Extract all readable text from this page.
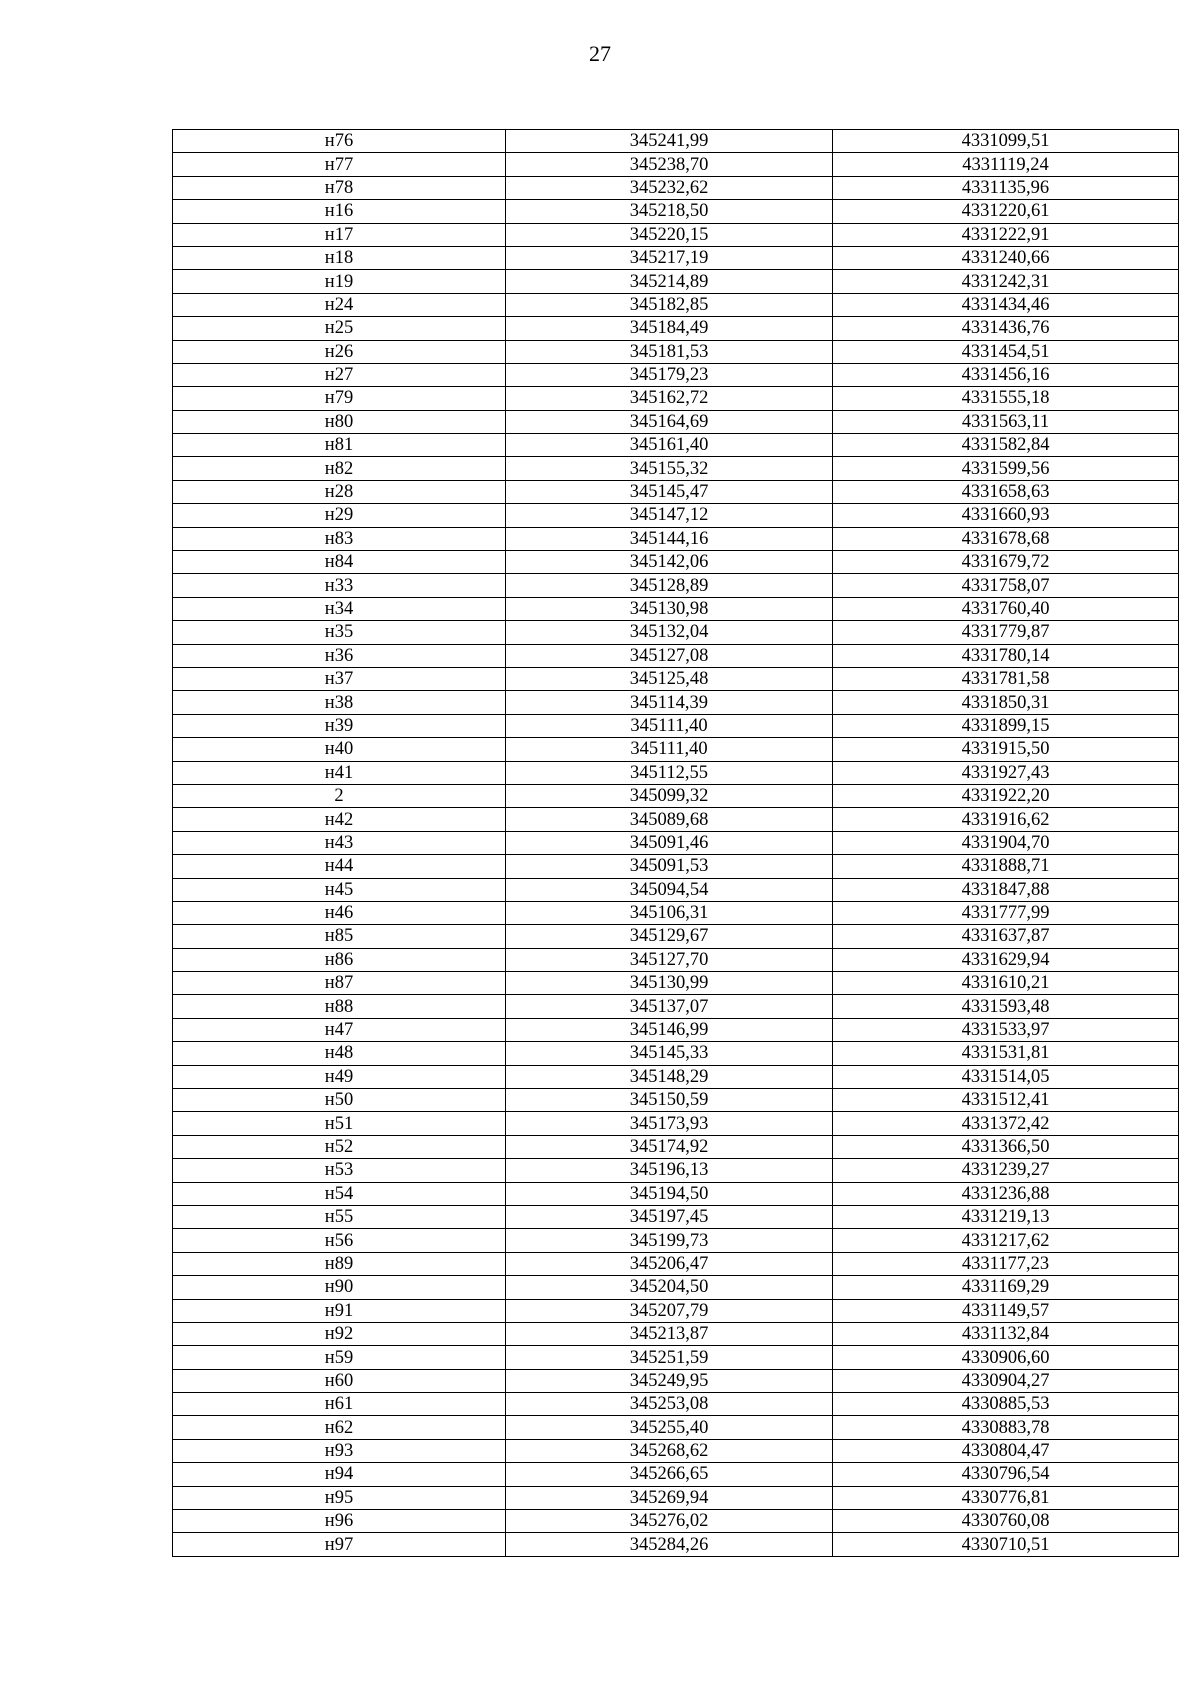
27
н76	345241,99	4331099,51
н77	345238,70	4331119,24
н78	345232,62	4331135,96
н16	345218,50	4331220,61
н17	345220,15	4331222,91
н18	345217,19	4331240,66
н19	345214,89	4331242,31
н24	345182,85	4331434,46
н25	345184,49	4331436,76
н26	345181,53	4331454,51
н27	345179,23	4331456,16
н79	345162,72	4331555,18
н80	345164,69	4331563,11
н81	345161,40	4331582,84
н82	345155,32	4331599,56
н28	345145,47	4331658,63
н29	345147,12	4331660,93
н83	345144,16	4331678,68
н84	345142,06	4331679,72
н33	345128,89	4331758,07
н34	345130,98	4331760,40
н35	345132,04	4331779,87
н36	345127,08	4331780,14
н37	345125,48	4331781,58
н38	345114,39	4331850,31
н39	345111,40	4331899,15
н40	345111,40	4331915,50
н41	345112,55	4331927,43
2	345099,32	4331922,20
н42	345089,68	4331916,62
н43	345091,46	4331904,70
н44	345091,53	4331888,71
н45	345094,54	4331847,88
н46	345106,31	4331777,99
н85	345129,67	4331637,87
н86	345127,70	4331629,94
н87	345130,99	4331610,21
н88	345137,07	4331593,48
н47	345146,99	4331533,97
н48	345145,33	4331531,81
н49	345148,29	4331514,05
н50	345150,59	4331512,41
н51	345173,93	4331372,42
н52	345174,92	4331366,50
н53	345196,13	4331239,27
н54	345194,50	4331236,88
н55	345197,45	4331219,13
н56	345199,73	4331217,62
н89	345206,47	4331177,23
н90	345204,50	4331169,29
н91	345207,79	4331149,57
н92	345213,87	4331132,84
н59	345251,59	4330906,60
н60	345249,95	4330904,27
н61	345253,08	4330885,53
н62	345255,40	4330883,78
н93	345268,62	4330804,47
н94	345266,65	4330796,54
н95	345269,94	4330776,81
н96	345276,02	4330760,08
н97	345284,26	4330710,51
